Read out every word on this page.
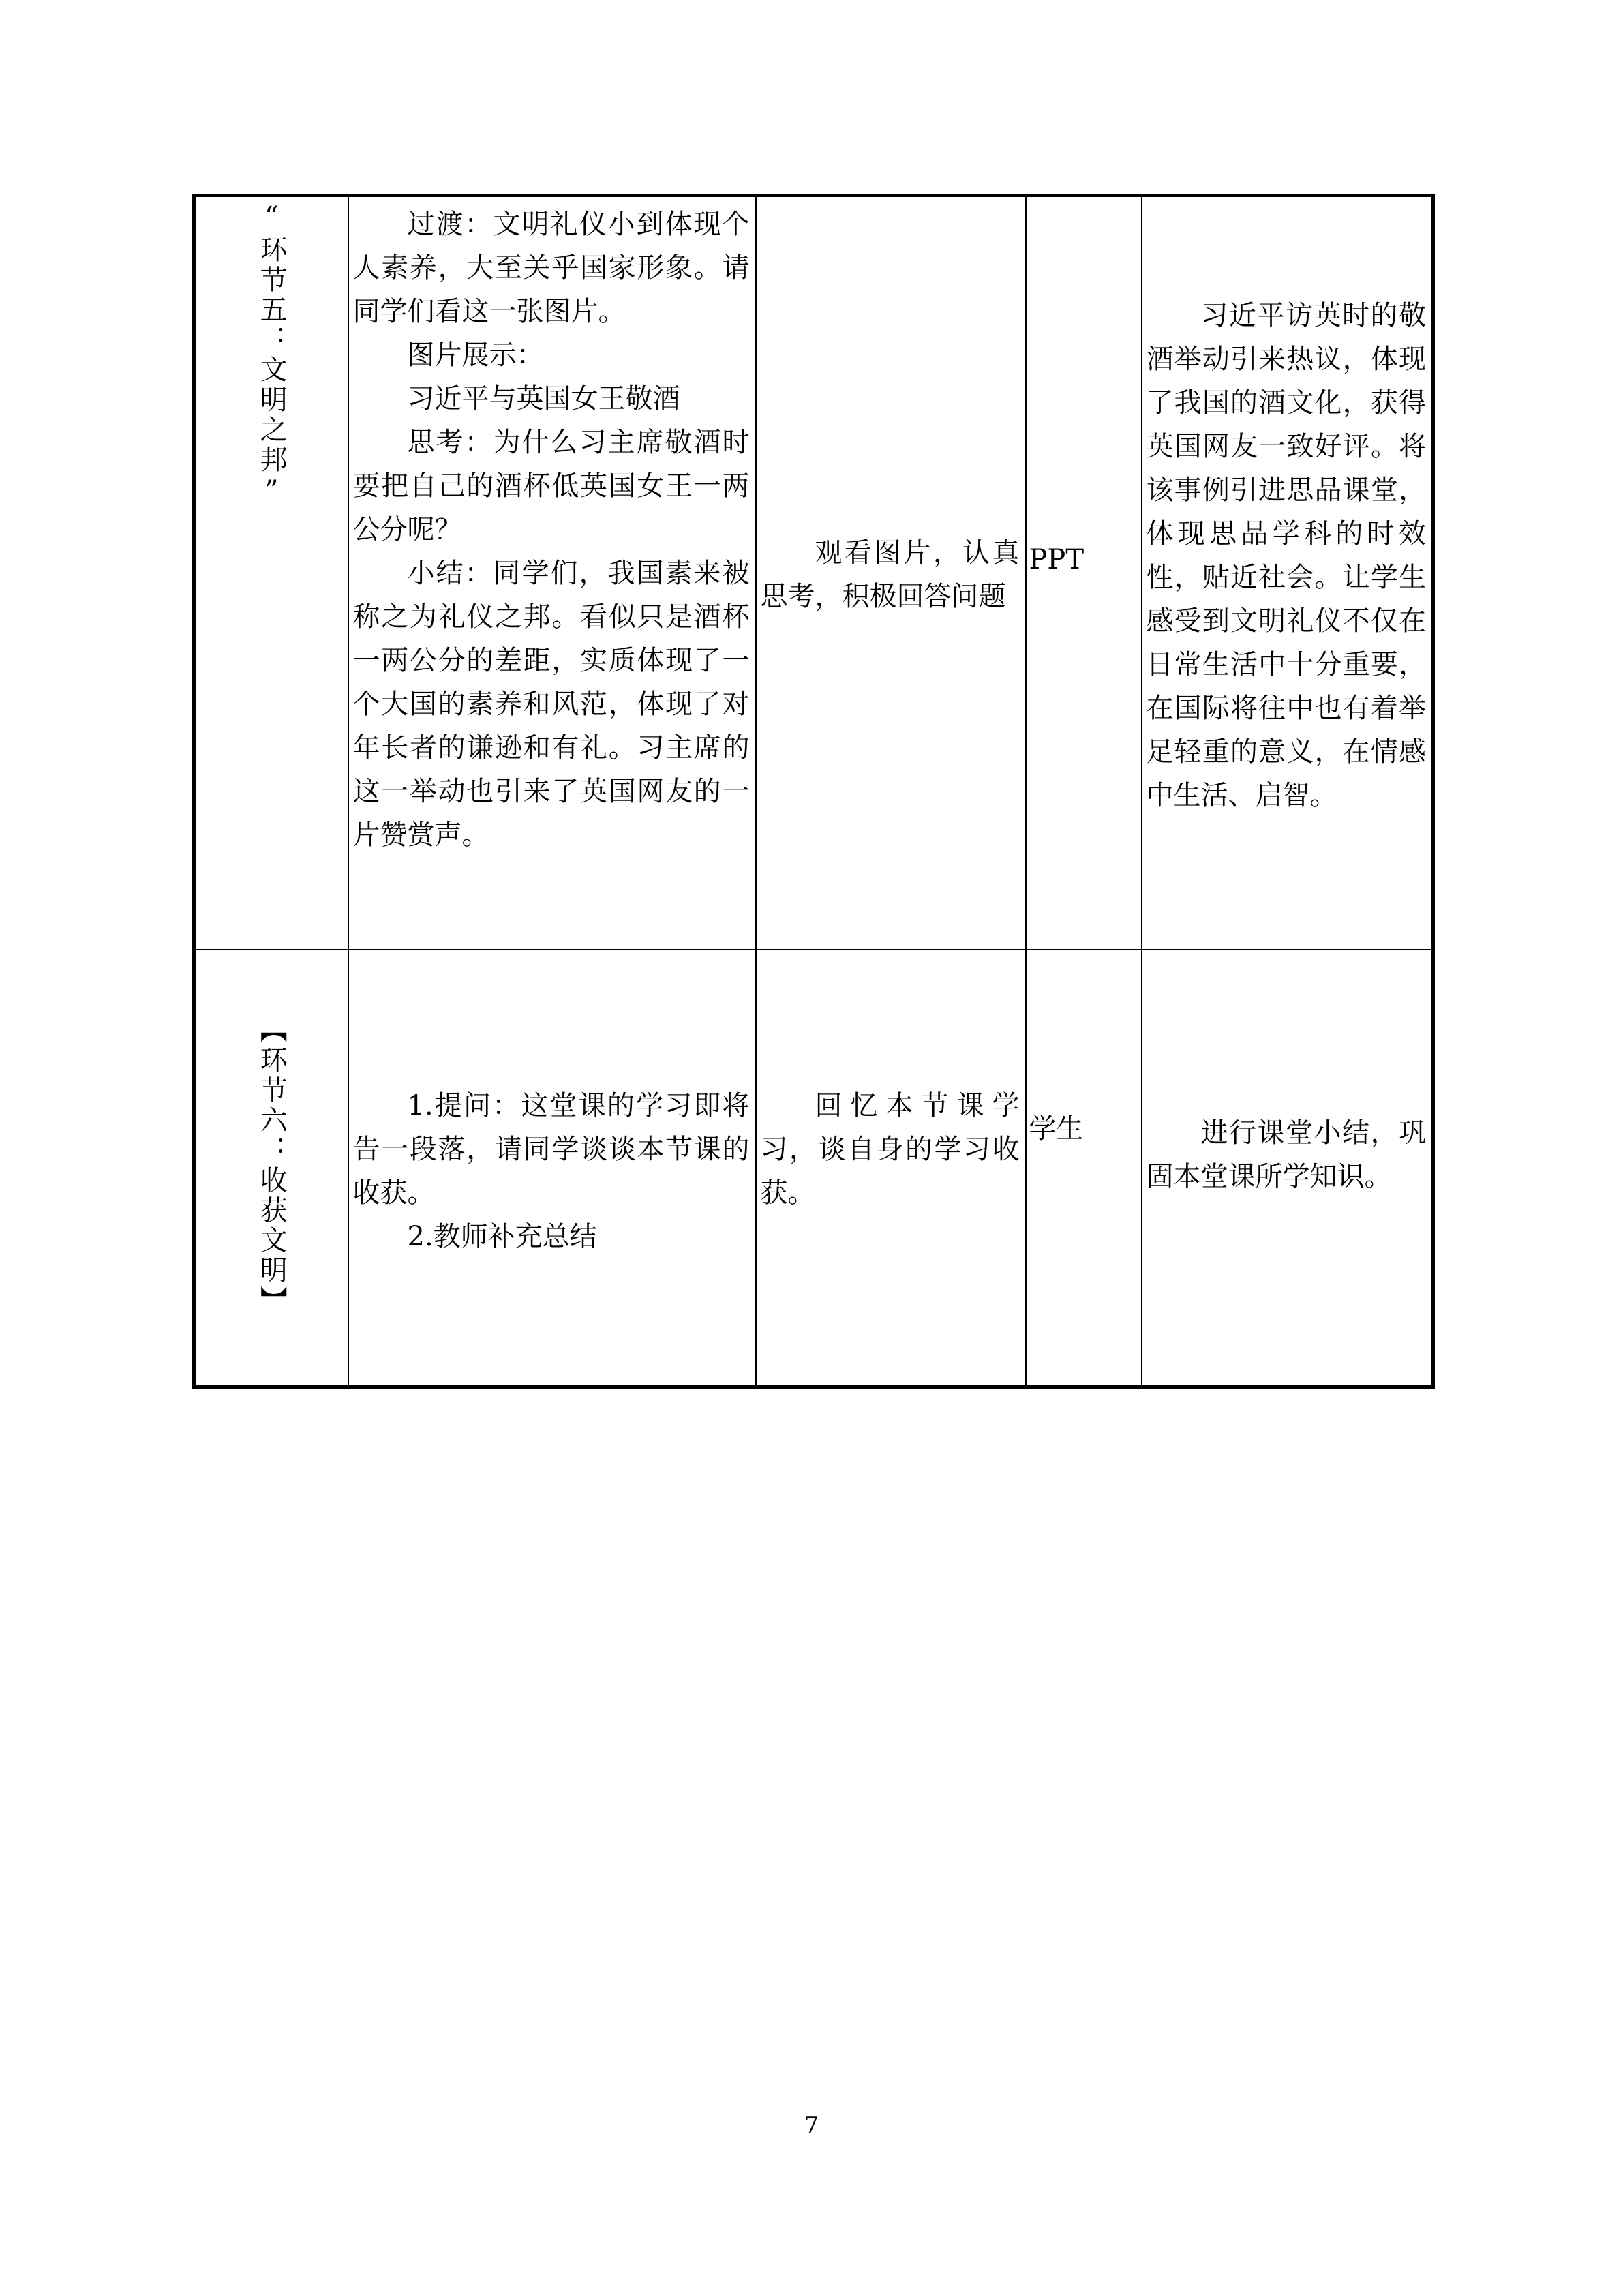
“环节五：文明之邦”	过渡：文明礼仪小到体现个人素养，大至关乎国家形象。请同学们看这一张图片。

图片展示：

习近平与英国女王敬酒

思考：为什么习主席敬酒时要把自己的酒杯低英国女王一两公分呢？

小结：同学们，我国素来被称之为礼仪之邦。看似只是酒杯一两公分的差距，实质体现了一个大国的素养和风范，体现了对年长者的谦逊和有礼。习主席的这一举动也引来了英国网友的一片赞赏声。	观看图片，认真思考，积极回答问题	PPT	习近平访英时的敬酒举动引来热议，体现了我国的酒文化，获得英国网友一致好评。将该事例引进思品课堂，体现思品学科的时效性，贴近社会。让学生感受到文明礼仪不仅在日常生活中十分重要，在国际将往中也有着举足轻重的意义，在情感中生活、启智。

【环节六：收获文明】	1.提问：这堂课的学习即将告一段落，请同学谈谈本节课的收获。

2.教师补充总结	回忆本节课学习，谈自身的学习收获。	学生	进行课堂小结，巩固本堂课所学知识。

7
